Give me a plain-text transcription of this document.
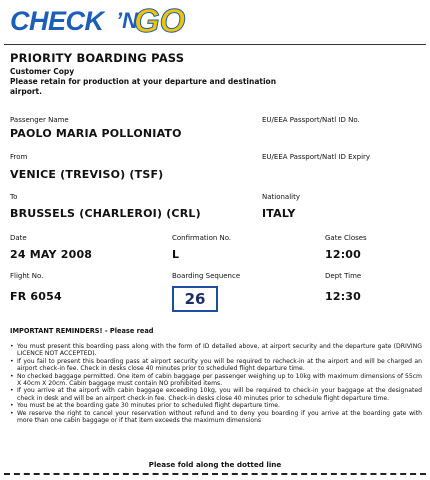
CHECK ’N
GO
PRIORITY BOARDING PASS
Customer Copy
Please retain for production at your departure and destination airport.
Passenger Name
PAOLO MARIA POLLONIATO
EU/EEA Passport/Natl ID No.
From
VENICE (TREVISO) (TSF)
EU/EEA Passport/Natl ID Expiry
To
BRUSSELS (CHARLEROI) (CRL)
Nationality
ITALY
Date
24 MAY 2008
Confirmation No.
L
Gate Closes
12:00
Flight No.
FR 6054
Boarding Sequence
26
Dept Time
12:30
IMPORTANT REMINDERS! - Please read
• You must present this boarding pass along with the form of ID detailed above, at airport security and the departure gate (DRIVING LICENCE NOT ACCEPTED).
• If you fail to present this boarding pass at airport security you will be required to recheck-in at the airport and will be charged an airport check-in fee. Check in desks close 40 minutes prior to scheduled flight departure time.
• No checked baggage permitted. One item of cabin baggage per passenger weighing up to 10kg with maximum dimensions of 55cm X 40cm X 20cm. Cabin baggage must contain NO prohibited items.
• If you arrive at the airport with cabin baggage exceeding 10kg, you will be required to check-in your baggage at the designated check in desk and will be an airport check-in fee. Check-in desks close 40 minutes prior to schedule flight departure time.
• You must be at the boarding gate 30 minutes prior to scheduled flight departure time.
• We reserve the right to cancel your reservation without refund and to deny you boarding if you arrive at the boarding gate with more than one cabin baggage or if that item exceeds the maximum dimensions
Please fold along the dotted line
